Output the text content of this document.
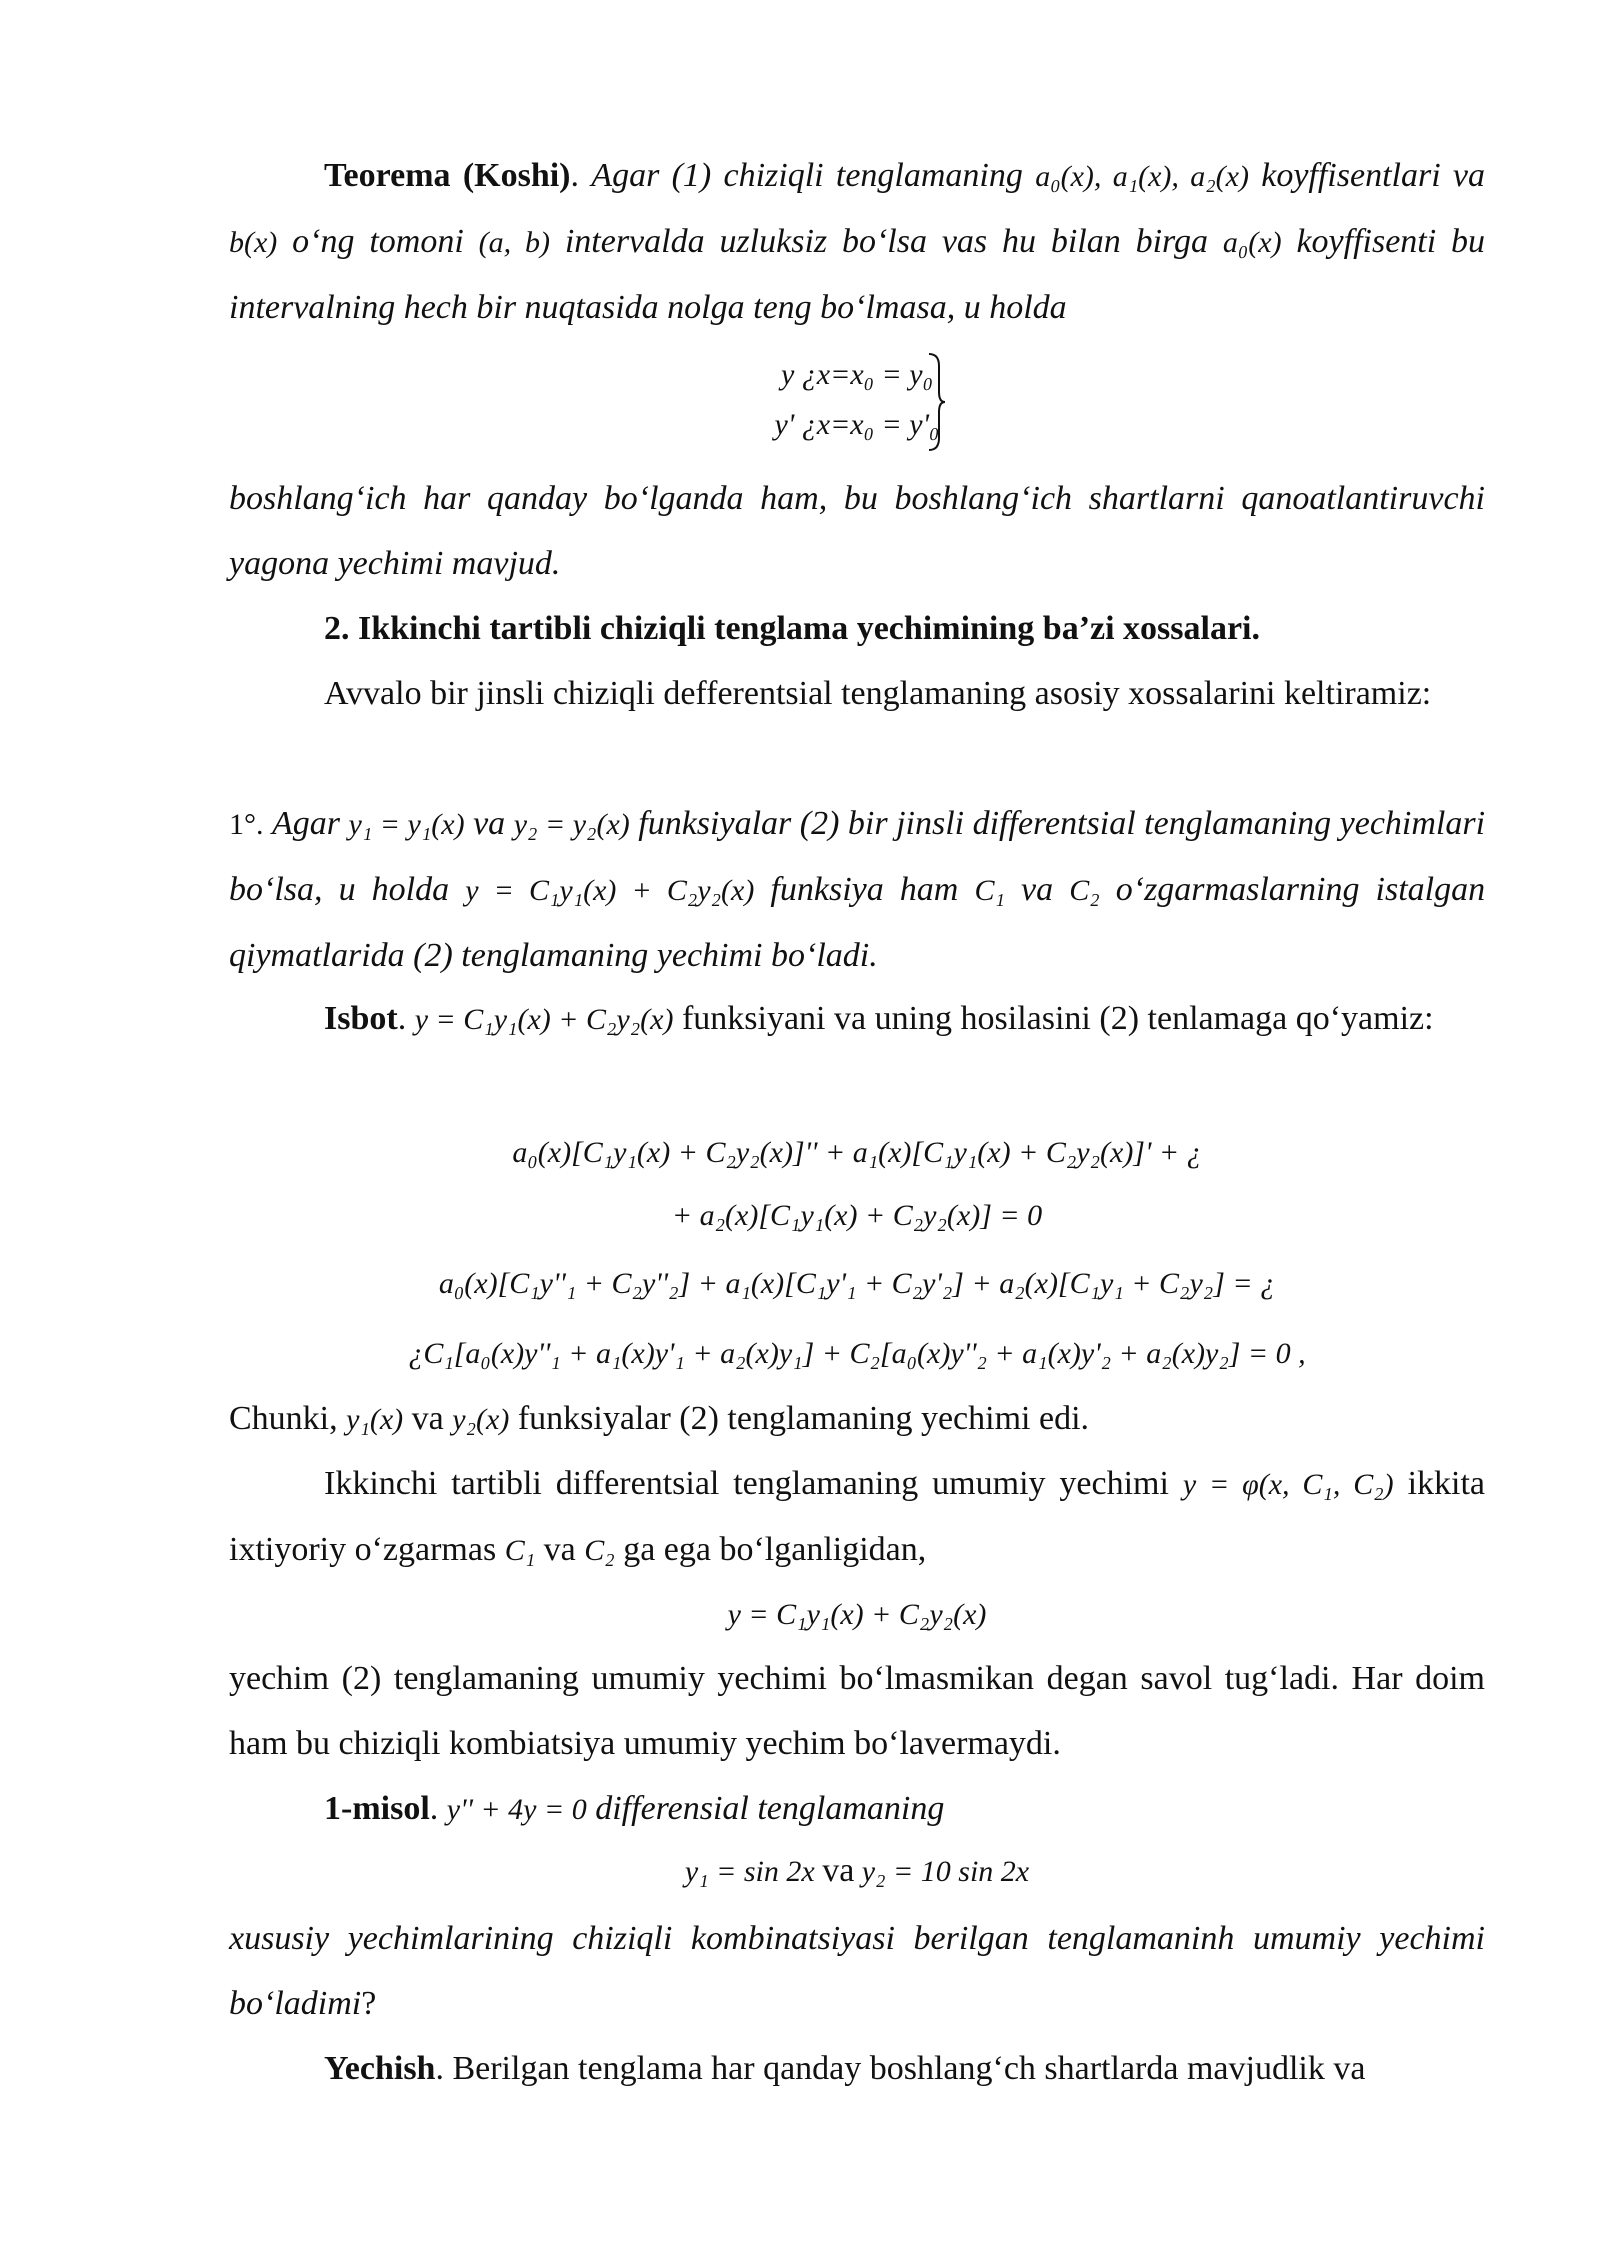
Teorema (Koshi). Agar (1) chiziqli tenglamaning a₀(x), a₁(x), a₂(x) koyffisentlari va b(x) o‘ng tomoni (a, b) intervalda uzluksiz bo‘lsa vas hu bilan birga a₀(x) koyffisenti bu intervalning hech bir nuqtasida nolga teng bo‘lmasa, u holda
y ¿x=x₀ = y₀
y' ¿x=x₀ = y'₀
boshlang‘ich har qanday bo‘lganda ham, bu boshlang‘ich shartlarni qanoatlantiruvchi yagona yechimi mavjud.
2. Ikkinchi tartibli chiziqli tenglama yechimining ba’zi xossalari.
Avvalo bir jinsli chiziqli defferentsial tenglamaning asosiy xossalarini keltiramiz:
1°. Agar y₁ = y₁(x) va y₂ = y₂(x) funksiyalar (2) bir jinsli differentsial tenglamaning yechimlari bo‘lsa, u holda y = C₁y₁(x) + C₂y₂(x) funksiya ham C₁ va C₂ o‘zgarmaslarning istalgan qiymatlarida (2) tenglamaning yechimi bo‘ladi.
Isbot. y = C₁y₁(x) + C₂y₂(x) funksiyani va uning hosilasini (2) tenlamaga qo‘yamiz:
a₀(x)[C₁y₁(x) + C₂y₂(x)]'' + a₁(x)[C₁y₁(x) + C₂y₂(x)]' + ¿
+ a₂(x)[C₁y₁(x) + C₂y₂(x)] = 0
a₀(x)[C₁y''₁ + C₂y''₂] + a₁(x)[C₁y'₁ + C₂y'₂] + a₂(x)[C₁y₁ + C₂y₂] = ¿
¿C₁[a₀(x)y''₁ + a₁(x)y'₁ + a₂(x)y₁] + C₂[a₀(x)y''₂ + a₁(x)y'₂ + a₂(x)y₂] = 0 ,
Chunki, y₁(x) va y₂(x) funksiyalar (2) tenglamaning yechimi edi.
Ikkinchi tartibli differentsial tenglamaning umumiy yechimi y = φ(x, C₁, C₂) ikkita ixtiyoriy o‘zgarmas C₁ va C₂ ga ega bo‘lganligidan,
y = C₁y₁(x) + C₂y₂(x)
yechim (2) tenglamaning umumiy yechimi bo‘lmasmikan degan savol tug‘ladi. Har doim ham bu chiziqli kombiatsiya umumiy yechim bo‘lavermaydi.
1-misol. y'' + 4y = 0 differensial tenglamaning
y₁ = sin 2x va y₂ = 10 sin 2x
xususiy yechimlarining chiziqli kombinatsiyasi berilgan tenglamaninh umumiy yechimi bo‘ladimi?
Yechish. Berilgan tenglama har qanday boshlang‘ch shartlarda mavjudlik va
